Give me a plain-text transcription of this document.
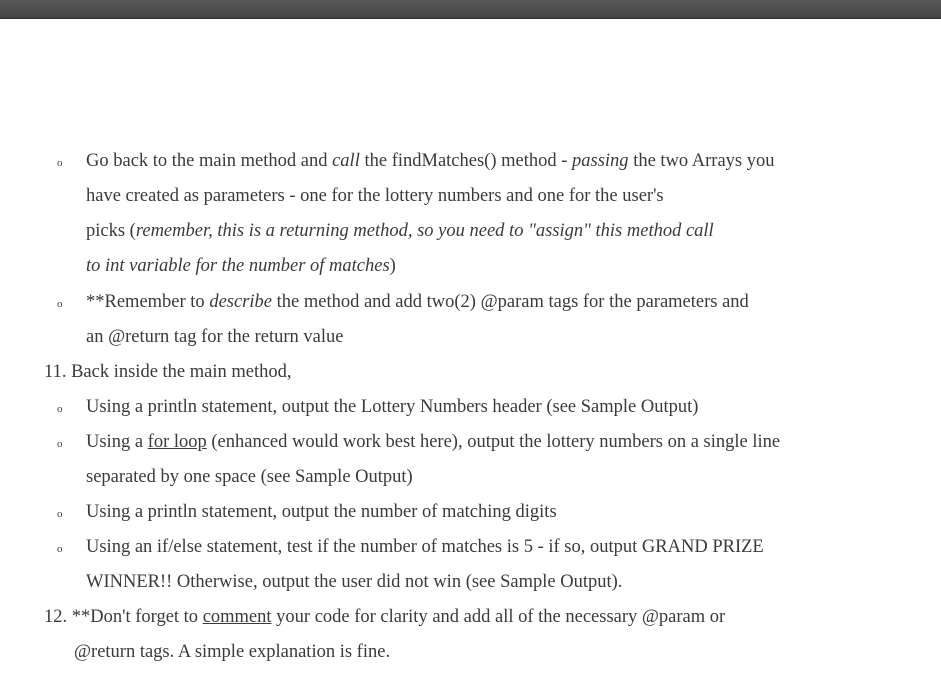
o Go back to the main method and call the findMatches() method - passing the two Arrays you
have created as parameters - one for the lottery numbers and one for the user's
picks (remember, this is a returning method, so you need to "assign" this method call
to int variable for the number of matches)
o **Remember to describe the method and add two(2) @param tags for the parameters and
an @return tag for the return value
11. Back inside the main method,
o Using a println statement, output the Lottery Numbers header (see Sample Output)
o Using a for loop (enhanced would work best here), output the lottery numbers on a single line
separated by one space (see Sample Output)
o Using a println statement, output the number of matching digits
o Using an if/else statement, test if the number of matches is 5 - if so, output GRAND PRIZE
WINNER!! Otherwise, output the user did not win (see Sample Output).
12. **Don't forget to comment your code for clarity and add all of the necessary @param or
@return tags. A simple explanation is fine.
